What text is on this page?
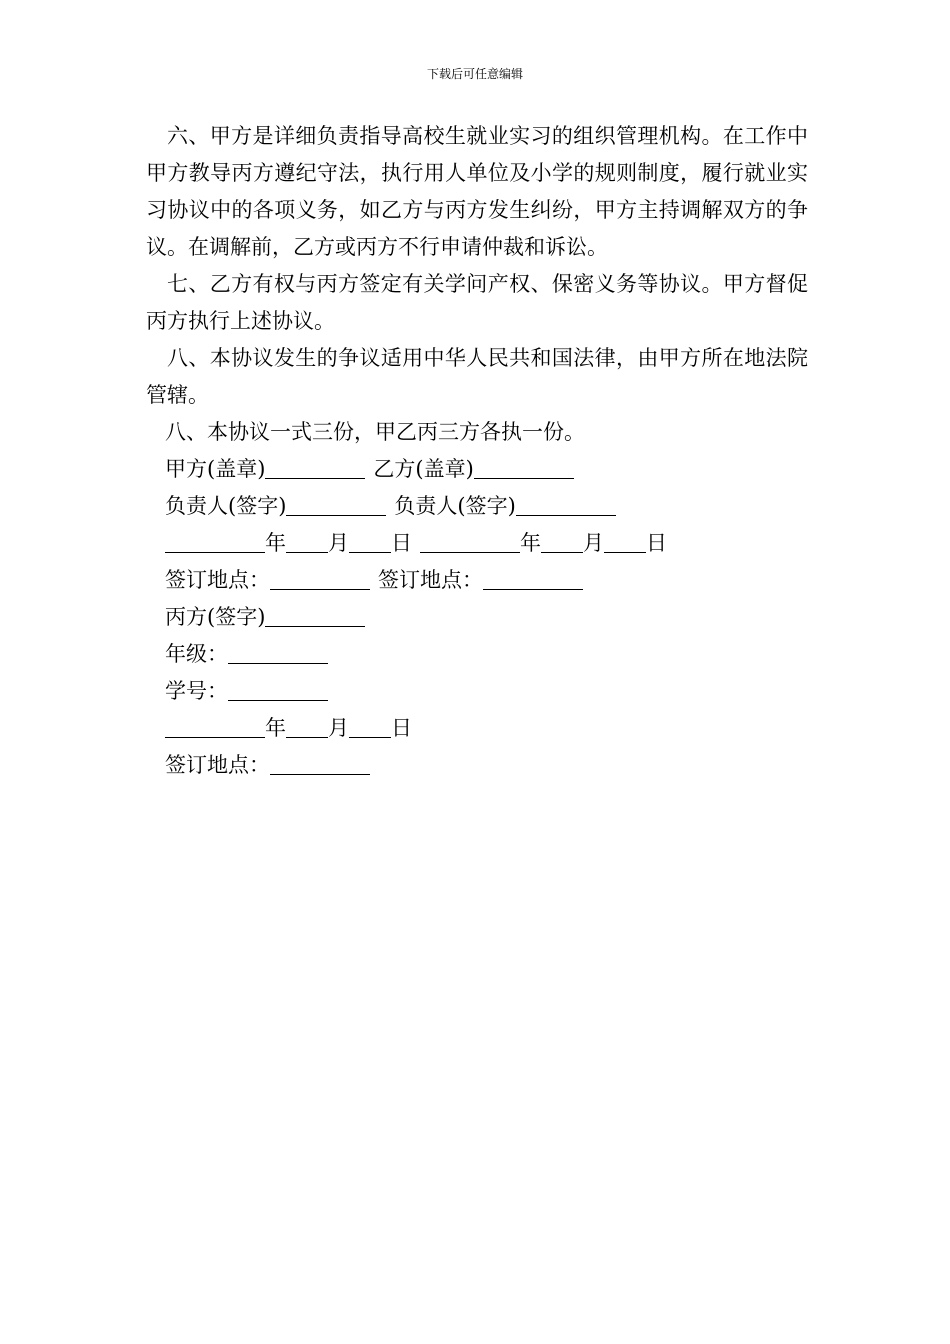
下载后可任意编辑

六、甲方是详细负责指导高校生就业实习的组织管理机构。在工作中甲方教导丙方遵纪守法，执行用人单位及小学的规则制度，履行就业实习协议中的各项义务，如乙方与丙方发生纠纷，甲方主持调解双方的争议。在调解前，乙方或丙方不行申请仲裁和诉讼。

七、乙方有权与丙方签定有关学问产权、保密义务等协议。甲方督促丙方执行上述协议。

八、本协议发生的争议适用中华人民共和国法律，由甲方所在地法院管辖。

八、本协议一式三份，甲乙丙三方各执一份。

甲方(盖章)	乙方(盖章)

负责人(签字)	负责人(签字)

年 月 日	年 月 日

签订地点：	签订地点：

丙方(签字)

年级：

学号：

年 月 日

签订地点：
